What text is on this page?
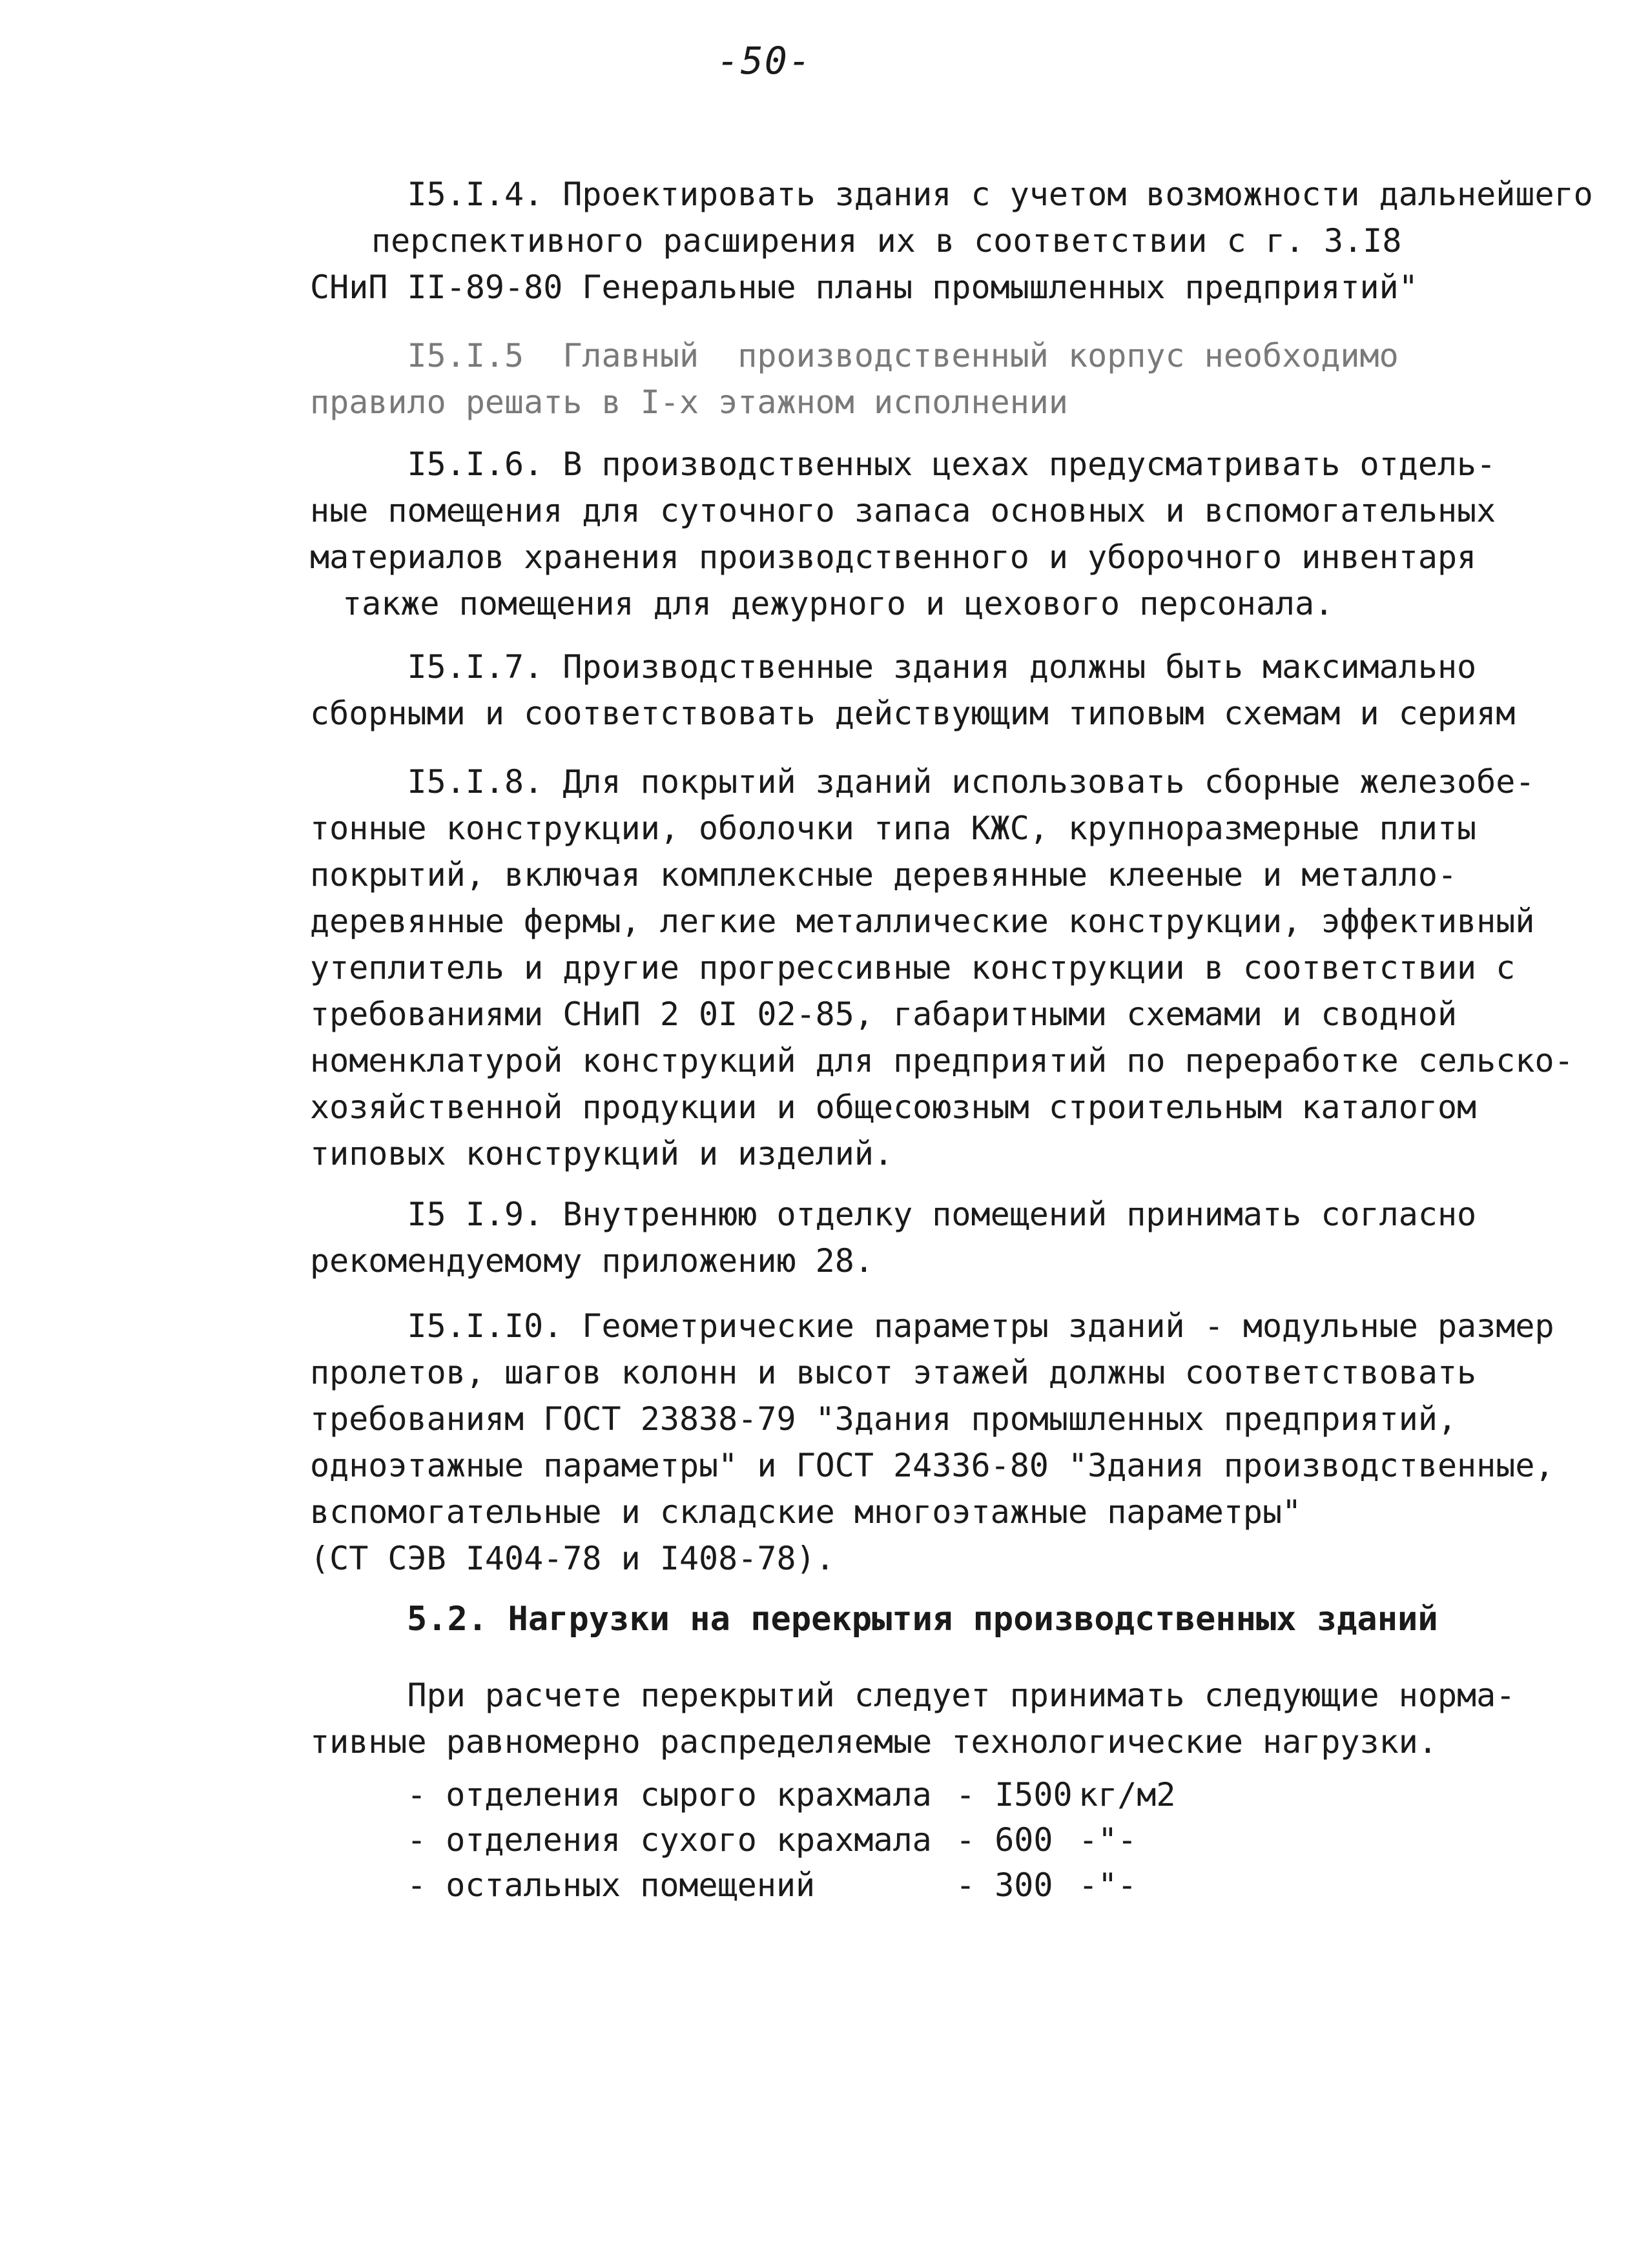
-50-
I5.I.4. Проектировать здания с учетом возможности дальнейшего
перспективного расширения их в соответствии с г. 3.I8
СНиП II-89-80 Генеральные планы промышленных предприятий"
I5.I.5  Главный  производственный корпус необходимо
правило решать в I-х этажном исполнении
I5.I.6. В производственных цехах предусматривать отдель-
ные помещения для суточного запаса основных и вспомогательных
материалов хранения производственного и уборочного инвентаря
также помещения для дежурного и цехового персонала.
I5.I.7. Производственные здания должны быть максимально
сборными и соответствовать действующим типовым схемам и сериям
I5.I.8. Для покрытий зданий использовать сборные железобе-
тонные конструкции, оболочки типа КЖС, крупноразмерные плиты
покрытий, включая комплексные деревянные клееные и металло-
деревянные фермы, легкие металлические конструкции, эффективный
утеплитель и другие прогрессивные конструкции в соответствии с
требованиями СНиП 2 0I 02-85, габаритными схемами и сводной
номенклатурой конструкций для предприятий по переработке сельско-
хозяйственной продукции и общесоюзным строительным каталогом
типовых конструкций и изделий.
I5 I.9. Внутреннюю отделку помещений принимать согласно
рекомендуемому приложению 28.
I5.I.I0. Геометрические параметры зданий - модульные размер
пролетов, шагов колонн и высот этажей должны соответствовать
требованиям ГОСТ 23838-79 "Здания промышленных предприятий,
одноэтажные параметры" и ГОСТ 24336-80 "Здания производственные,
вспомогательные и складские многоэтажные параметры"
(СТ СЭВ I404-78 и I408-78).
5.2. Нагрузки на перекрытия производственных зданий
При расчете перекрытий следует принимать следующие норма-
тивные равномерно распределяемые технологические нагрузки.
- отделения сырого крахмала - I500 кг/м2
- отделения сухого крахмала - 600 -"-
- остальных помещений	- 300 -"-
